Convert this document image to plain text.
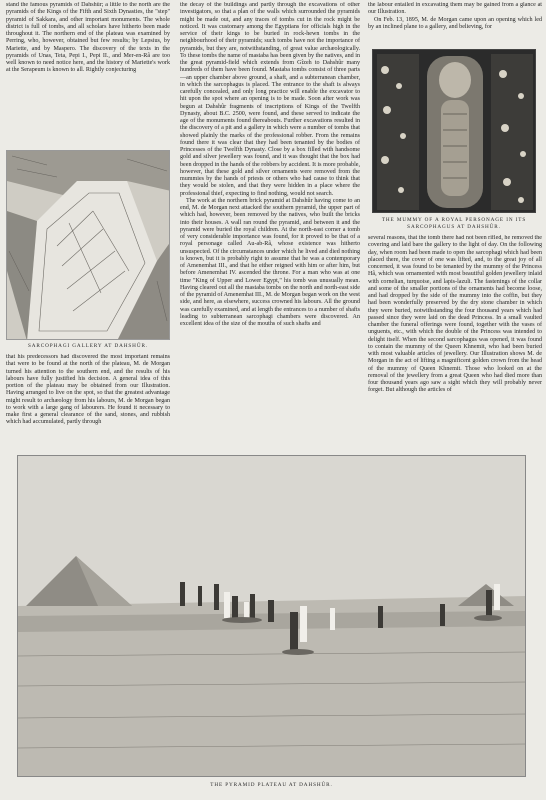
stand the famous pyramids of Dahshûr; a little to the north are the pyramids of the Kings of the Fifth and Sixth Dynasties, the "step" pyramid of Sakkara, and other important monuments. The whole district is full of tombs, and all scholars have hitherto been made throughout it. The northern end of the plateau was examined by Perring, who, however, obtained but few results; by Lepsius, by Mariette, and by Maspero. The discovery of the texts in the pyramids of Unas, Teta, Pepi I., Pepi II., and Mer-en-Râ are too well known to need notice here, and the history of Mariette's work at the Serapeum is known to all. Rightly conjecturing

SARCOPHAGI GALLERY AT DAHSHÛR.

that his predecessors had discovered the most important remains that were to be found at the north of the plateau, M. de Morgan turned his attention to the southern end, and the results of his labours have fully justified his decision. A general idea of this portion of the plateau may be obtained from our Illustration. Having arranged to live on the spot, so that the greatest advantage might result to archæology from his labours, M. de Morgan began to work with a large gang of labourers. He found it necessary to make first a general clearance of the sand, stones, and rubbish which had accumulated, partly through

the decay of the buildings and partly through the excavations of other investigators, so that a plan of the walls which surrounded the pyramids might be made out, and any traces of tombs cut in the rock might be noticed. It was customary among the Egyptians for officials high in the service of their kings to be buried in rock-hewn tombs in the neighbourhood of their pyramids; such tombs have not the importance of pyramids, but they are, notwithstanding, of great value archæologically. To these tombs the name of mastaba has been given by the natives, and in the great pyramid-field which extends from Gîzeh to Dahshûr many hundreds of them have been found. Mastaba tombs consist of three parts—an upper chamber above ground, a shaft, and a subterranean chamber, in which the sarcophagus is placed. The entrance to the shaft is always carefully concealed, and only long practice will enable the excavator to hit upon the spot where an opening is to be made. Soon after work was begun at Dahshûr fragments of inscriptions of Kings of the Twelfth Dynasty, about B.C. 2500, were found, and these served to indicate the age of the monuments found thereabouts. Further excavations resulted in the discovery of a pit and a gallery in which were a number of tombs that showed plainly the marks of the professional robber. From the remains found there it was clear that they had been tenanted by the bodies of Princesses of the Twelfth Dynasty. Close by a box filled with handsome gold and silver jewellery was found, and it was thought that the box had been dropped in the hands of the robbers by accident. It is more probable, however, that these gold and silver ornaments were removed from the mummies by the hands of priests or others who had cause to think that they would be stolen, and that they were hidden in a place where the professional thief, expecting to find nothing, would not search.

The work at the northern brick pyramid at Dahshûr having come to an end, M. de Morgan next attacked the southern pyramid, the upper part of which had, however, been removed by the natives, who built the bricks into their houses. A wall ran round the pyramid, and between it and the pyramid were buried the royal children. At the north-east corner a tomb of very considerable importance was found, for it proved to be that of a royal personage called Au-ab-Râ, whose existence was hitherto unsuspected. Of the circumstances under which he lived and died nothing is known, but it is probably right to assume that he was a contemporary of Amenemhat III., and that he either reigned with him or after him, but before Amenemhat IV. ascended the throne. For a man who was at one time "King of Upper and Lower Egypt," his tomb was unusually mean. Having cleared out all the mastaba tombs on the north and north-east side of the pyramid of Amenemhat III., M. de Morgan began work on the west side, and here, as elsewhere, success crowned his labours. All the ground was carefully examined, and at length the entrances to a number of shafts leading to subterranean sarcophagi chambers were discovered. An excellent idea of the size of the mouths of such shafts and

the labour entailed in excavating them may be gained from a glance at our Illustration.

On Feb. 13, 1895, M. de Morgan came upon an opening which led by an inclined plane to a gallery, and believing, for

THE MUMMY OF A ROYAL PERSONAGE IN ITS SARCOPHAGUS AT DAHSHÛR.

several reasons, that the tomb there had not been rifled, he removed the covering and laid bare the gallery to the light of day. On the following day, when room had been made to open the sarcophagi which had been placed there, the cover of one was lifted, and, to the great joy of all concerned, it was found to be tenanted by the mummy of the Princess Hâ, which was ornamented with most beautiful golden jewellery inlaid with cornelian, turquoise, and lapis-lazuli. The fastenings of the collar and some of the smaller portions of the ornaments had become loose, and had dropped by the side of the mummy into the coffin, but they had been wonderfully preserved by the dry stone chamber in which they were buried, notwithstanding the four thousand years which had passed since they were laid on the dead Princess. In a small vaulted chamber the funeral offerings were found, together with the vases of unguents, etc., with which the double of the Princess was intended to delight itself. When the second sarcophagus was opened, it was found to contain the mummy of the Queen Khnemit, who had been buried with most valuable articles of jewellery. Our Illustration shows M. de Morgan in the act of lifting a magnificent golden crown from the head of the mummy of Queen Khnemit. Those who looked on at the removal of the jewellery from a great Queen who had died more than four thousand years ago saw a sight which they will probably never forget. But although the articles of

THE PYRAMID PLATEAU AT DAHSHÛR.
